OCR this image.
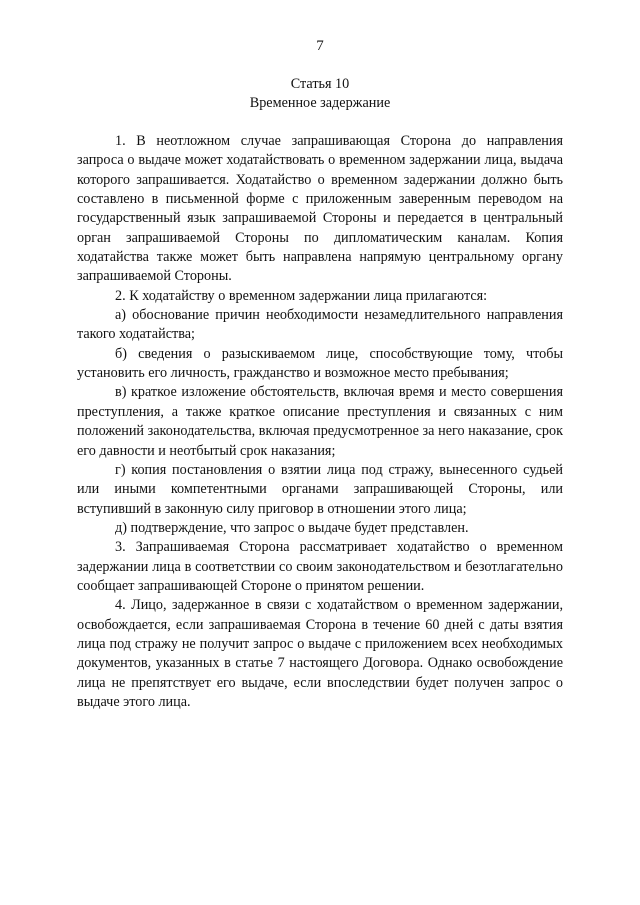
7
Статья 10
Временное задержание

1. В неотложном случае запрашивающая Сторона до направления запроса о выдаче может ходатайствовать о временном задержании лица, выдача которого запрашивается. Ходатайство о временном задержании должно быть составлено в письменной форме с приложенным заверенным переводом на государственный язык запрашиваемой Стороны и передается в центральный орган запрашиваемой Стороны по дипломатическим каналам. Копия ходатайства также может быть направлена напрямую центральному органу запрашиваемой Стороны.

2. К ходатайству о временном задержании лица прилагаются:

а) обоснование причин необходимости незамедлительного направления такого ходатайства;

б) сведения о разыскиваемом лице, способствующие тому, чтобы установить его личность, гражданство и возможное место пребывания;

в) краткое изложение обстоятельств, включая время и место совершения преступления, а также краткое описание преступления и связанных с ним положений законодательства, включая предусмотренное за него наказание, срок его давности и неотбытый срок наказания;

г) копия постановления о взятии лица под стражу, вынесенного судьей или иными компетентными органами запрашивающей Стороны, или вступивший в законную силу приговор в отношении этого лица;

д) подтверждение, что запрос о выдаче будет представлен.

3. Запрашиваемая Сторона рассматривает ходатайство о временном задержании лица в соответствии со своим законодательством и безотлагательно сообщает запрашивающей Стороне о принятом решении.

4. Лицо, задержанное в связи с ходатайством о временном задержании, освобождается, если запрашиваемая Сторона в течение 60 дней с даты взятия лица под стражу не получит запрос о выдаче с приложением всех необходимых документов, указанных в статье 7 настоящего Договора. Однако освобождение лица не препятствует его выдаче, если впоследствии будет получен запрос о выдаче этого лица.
